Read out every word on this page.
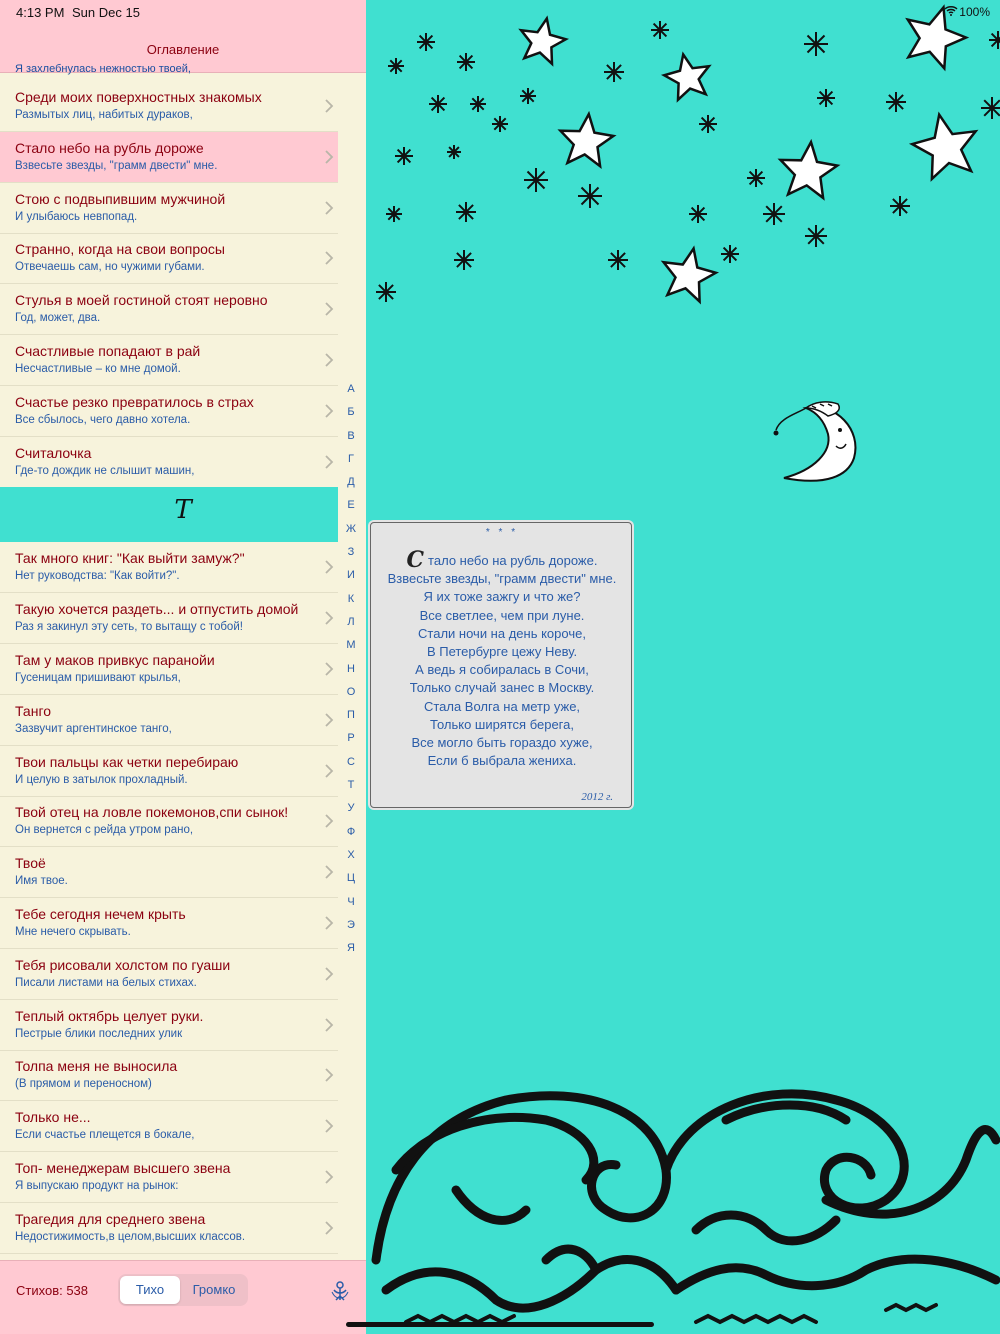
4:13 PM Sun Dec 15
Оглавление
Я захлебнулась нежностью твоей,
Среди моих поверхностных знакомых
Размытых лиц, набитых дураков,
Стало небо на рубль дороже
Взвесьте звезды, "грамм двести" мне.
Стою с подвыпившим мужчиной
И улыбаюсь невпопад.
Странно, когда на свои вопросы
Отвечаешь сам, но чужими губами.
Стулья в моей гостиной стоят неровно
Год, может, два.
Счастливые попадают в рай
Несчастливые – ко мне домой.
Счастье резко превратилось в страх
Все сбылось, чего давно хотела.
Считалочка
Где-то дождик не слышит машин,
Т
Так много книг: "Как выйти замуж?"
Нет руководства: "Как войти?".
Такую хочется раздеть... и отпустить домой
Раз я закинул эту сеть, то вытащу с тобой!
Там у маков привкус паранойи
Гусеницам пришивают крылья,
Танго
Зазвучит аргентинское танго,
Твои пальцы как четки перебираю
И целую в затылок прохладный.
Твой отец на ловле покемонов,спи сынок!
Он вернется с рейда утром рано,
Твоё
Имя твое.
Тебе сегодня нечем крыть
Мне нечего скрывать.
Тебя рисовали холстом по гуаши
Писали листами на белых стихах.
Теплый октябрь целует руки.
Пестрые блики последних улик
Толпа меня не выносила
(В прямом и переносном)
Только не...
Если счастье плещется в бокале,
Топ- менеджерам высшего звена
Я выпускаю продукт на рынок:
Трагедия для среднего звена
Недостижимость,в целом,высших классов.
А
Б
В
Г
Д
Е
Ж
З
И
К
Л
М
Н
О
П
Р
С
Т
У
Ф
Х
Ц
Ч
Э
Я
Стихов: 538	Тихо	Громко
100%
* * *
Стало небо на рубль дороже.
Взвесьте звезды, "грамм двести" мне.
Я их тоже зажгу и что же?
Все светлее, чем при луне.
Стали ночи на день короче,
В Петербурге цежу Неву.
А ведь я собиралась в Сочи,
Только случай занес в Москву.
Стала Волга на метр уже,
Только ширятся берега,
Все могло быть гораздо хуже,
Если б выбрала жениха.
2012 г.
